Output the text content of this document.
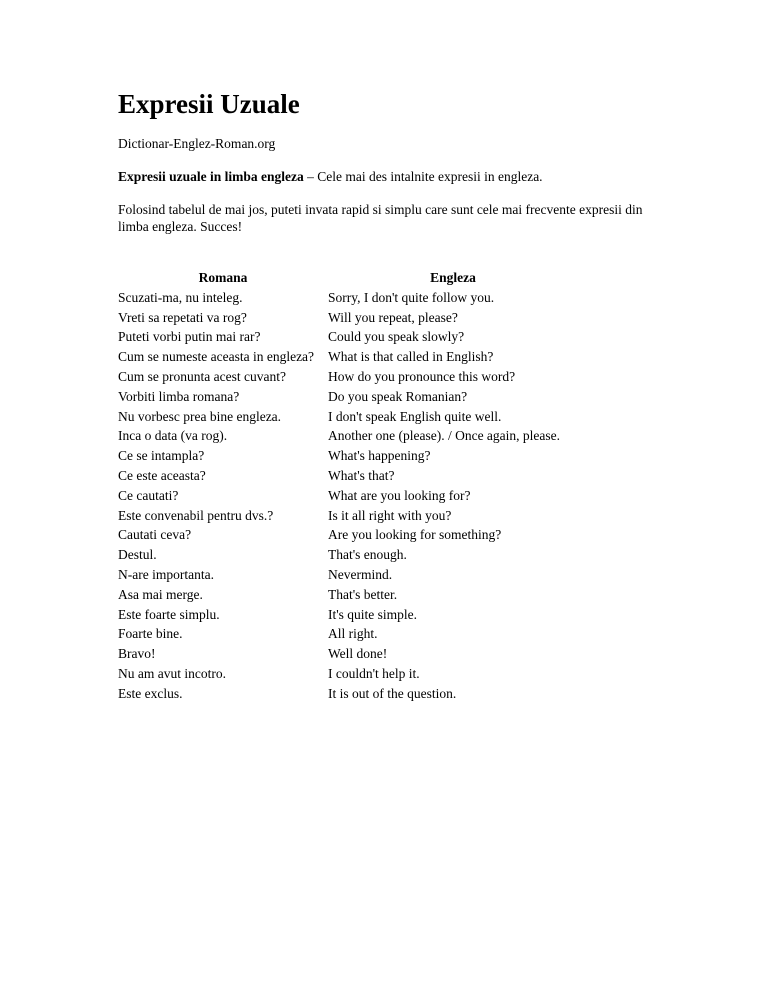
Expresii Uzuale
Dictionar-Englez-Roman.org
Expresii uzuale in limba engleza – Cele mai des intalnite expresii in engleza.
Folosind tabelul de mai jos, puteti invata rapid si simplu care sunt cele mai frecvente expresii din limba engleza. Succes!
Romana	Engleza
Scuzati-ma, nu inteleg.	Sorry, I don't quite follow you.
Vreti sa repetati va rog?	Will you repeat, please?
Puteti vorbi putin mai rar?	Could you speak slowly?
Cum se numeste aceasta in engleza?	What is that called in English?
Cum se pronunta acest cuvant?	How do you pronounce this word?
Vorbiti limba romana?	Do you speak Romanian?
Nu vorbesc prea bine engleza.	I don't speak English quite well.
Inca o data (va rog).	Another one (please). / Once again, please.
Ce se intampla?	What's happening?
Ce este aceasta?	What's that?
Ce cautati?	What are you looking for?
Este convenabil pentru dvs.?	Is it all right with you?
Cautati ceva?	Are you looking for something?
Destul.	That's enough.
N-are importanta.	Nevermind.
Asa mai merge.	That's better.
Este foarte simplu.	It's quite simple.
Foarte bine.	All right.
Bravo!	Well done!
Nu am avut incotro.	I couldn't help it.
Este exclus.	It is out of the question.
